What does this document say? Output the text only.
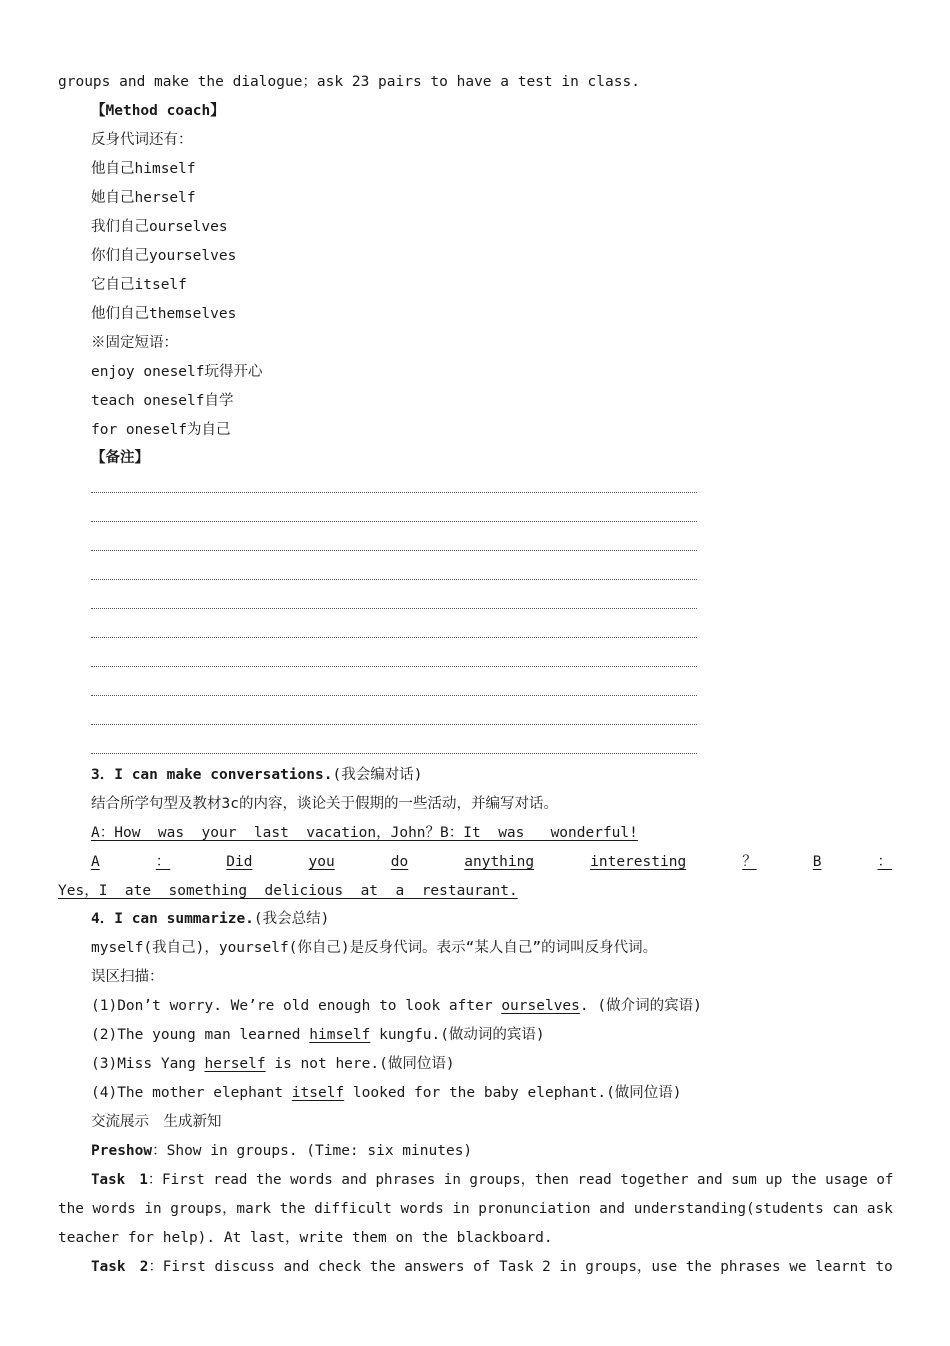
groups and make the dialogue；ask 23 pairs to have a test in class.
【Method coach】
反身代词还有：
他自己himself
她自己herself
我们自己ourselves
你们自己yourselves
它自己itself
他们自己themselves
※固定短语：
enjoy oneself玩得开心
teach oneself自学
for oneself为自己
【备注】
3．I can make conversations.(我会编对话)
结合所学句型及教材3c的内容，谈论关于假期的一些活动，并编写对话。
A：How  was  your  last  vacation，John？B：It  was   wonderful!
A	：	Did	you	do	anything	interesting	？	B	：
Yes，I  ate  something  delicious  at  a  restaurant.
4．I can summarize.(我会总结)
myself(我自己)，yourself(你自己)是反身代词。表示“某人自己”的词叫反身代词。
误区扫描：
(1)Don’t worry. We’re old enough to look after ourselves. (做介词的宾语)
(2)The young man learned himself kungfu.(做动词的宾语)
(3)Miss Yang herself is not here.(做同位语)
(4)The mother elephant itself looked for the baby elephant.(做同位语)
交流展示　生成新知
Preshow：Show in groups. (Time: six minutes)
Task　1：First read the words and phrases in groups，then read together and sum up the usage of
the words in groups，mark the difficult words in pronunciation and understanding(students can ask
teacher for help). At last，write them on the blackboard.
Task　2：First discuss and check the answers of Task 2 in groups，use the phrases we learnt to
